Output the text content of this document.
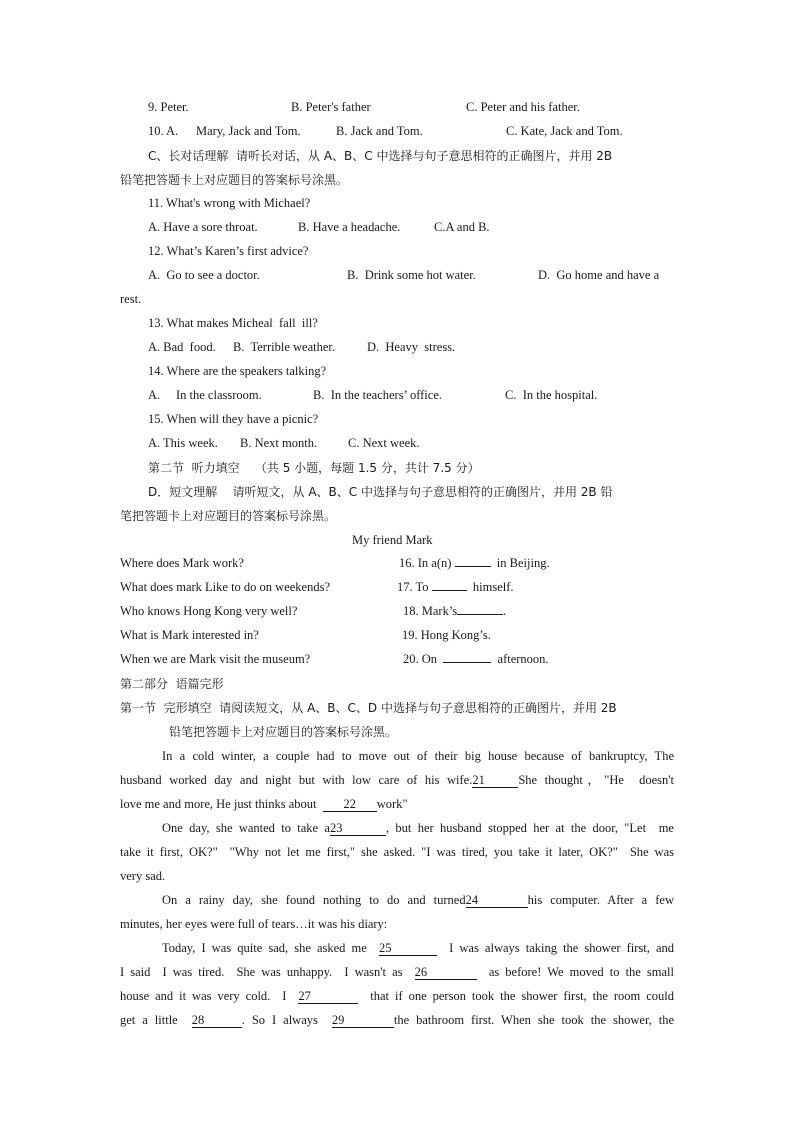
9. Peter.	B. Peter's father	C. Peter and his father.
10. A. Mary, Jack and Tom.	B. Jack and Tom.	C. Kate, Jack and Tom.
C、长对话理解  请听长对话，从 A、B、C 中选择与句子意思相符的正确图片，并用 2B
铅笔把答题卡上对应题目的答案标号涂黑。
11. What's wrong with Michael?
A. Have a sore throat.	B. Have a headache.	C.A and B.
12. What’s Karen’s first advice?
A.  Go to see a doctor.	B.  Drink some hot water.	D.  Go home and have a
rest.
13. What makes Micheal  fall  ill?
A. Bad  food. B.  Terrible weather.	D.  Heavy  stress.
14. Where are the speakers talking?
A. In the classroom.	B.  In the teachers’ office.	C.  In the hospital.
15. When will they have a picnic?
A. This week. B. Next month. C. Next week.
第二节  听力填空    （共 5 小题，每题 1.5 分，共计 7.5 分）
D．短文理解    请听短文，从 A、B、C 中选择与句子意思相符的正确图片，并用 2B 铅
笔把答题卡上对应题目的答案标号涂黑。
My friend Mark
Where does Mark work?	16. In a(n)	in Beijing.
What does mark Like to do on weekends?	17. To	himself.
Who knows Hong Kong very well?	18. Mark’s	.
What is Mark interested in?	19. Hong Kong’s.
When we are Mark visit the museum?	20. On	afternoon.
第二部分  语篇完形
第一节  完形填空  请阅读短文，从 A、B、C、D 中选择与句子意思相符的正确图片，并用 2B
铅笔把答题卡上对应题目的答案标号涂黑。
In a cold winter, a couple had to move out of their big house because of bankruptcy, The
husband worked day and night but with low care of his wife.21	She thought，"He  doesn't
love me and more, He just thinks about 22 work"
One day, she wanted to take a23	, but her husband stopped her at the door, "Let  me
take it first, OK?"  "Why not let me first," she asked. "I was tired, you take it later, OK?"  She was
very sad.
On a rainy day, she found nothing to do and turned24	his computer. After a few
minutes, her eyes were full of tears…it was his diary:
Today, I was quite sad, she asked me 25	I was always taking the shower first, and
I said  I was tired.  She was unhappy.  I wasn't as 26	as before! We moved to the small
house and it was very cold.  I 27	that if one person took the shower first, the room could
get a little 28	. So I always 29	the bathroom first. When she took the shower, the
